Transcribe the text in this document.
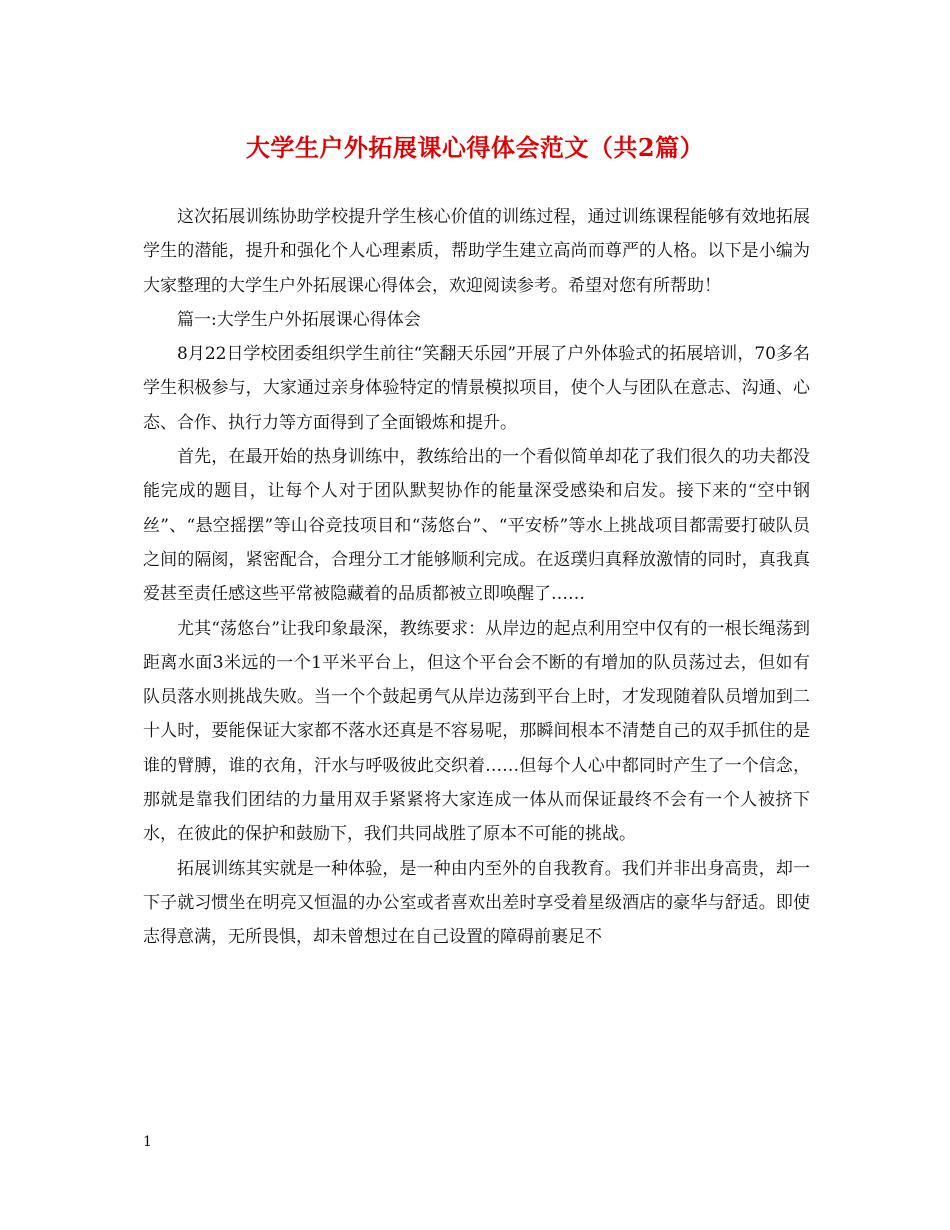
大学生户外拓展课心得体会范文（共2篇）

这次拓展训练协助学校提升学生核心价值的训练过程，通过训练课程能够有效地拓展学生的潜能，提升和强化个人心理素质，帮助学生建立高尚而尊严的人格。以下是小编为大家整理的大学生户外拓展课心得体会，欢迎阅读参考。希望对您有所帮助！

篇一:大学生户外拓展课心得体会

8月22日学校团委组织学生前往“笑翻天乐园”开展了户外体验式的拓展培训，70多名学生积极参与，大家通过亲身体验特定的情景模拟项目，使个人与团队在意志、沟通、心态、合作、执行力等方面得到了全面锻炼和提升。

首先，在最开始的热身训练中，教练给出的一个看似简单却花了我们很久的功夫都没能完成的题目，让每个人对于团队默契协作的能量深受感染和启发。接下来的“空中钢丝”、“悬空摇摆”等山谷竞技项目和“荡悠台”、“平安桥”等水上挑战项目都需要打破队员之间的隔阂，紧密配合，合理分工才能够顺利完成。在返璞归真释放激情的同时，真我真爱甚至责任感这些平常被隐藏着的品质都被立即唤醒了……

尤其“荡悠台”让我印象最深，教练要求：从岸边的起点利用空中仅有的一根长绳荡到距离水面3米远的一个1平米平台上，但这个平台会不断的有增加的队员荡过去，但如有队员落水则挑战失败。当一个个鼓起勇气从岸边荡到平台上时，才发现随着队员增加到二十人时，要能保证大家都不落水还真是不容易呢，那瞬间根本不清楚自己的双手抓住的是谁的臂膊，谁的衣角，汗水与呼吸彼此交织着……但每个人心中都同时产生了一个信念，那就是靠我们团结的力量用双手紧紧将大家连成一体从而保证最终不会有一个人被挤下水，在彼此的保护和鼓励下，我们共同战胜了原本不可能的挑战。

拓展训练其实就是一种体验，是一种由内至外的自我教育。我们并非出身高贵，却一下子就习惯坐在明亮又恒温的办公室或者喜欢出差时享受着星级酒店的豪华与舒适。即使志得意满，无所畏惧，却未曾想过在自己设置的障碍前裹足不

1
